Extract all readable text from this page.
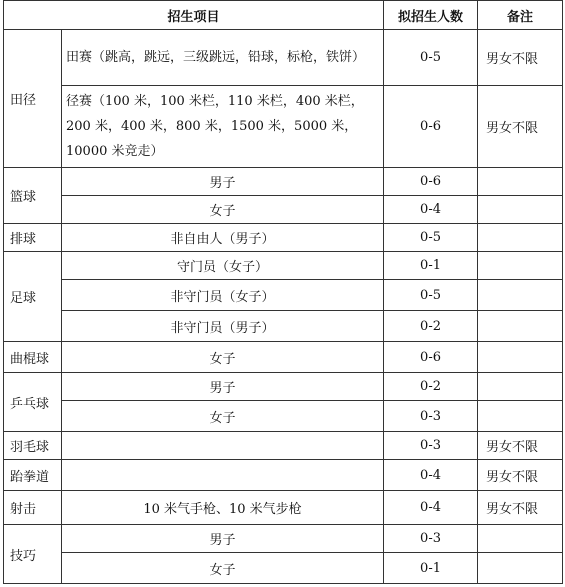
招生项目		拟招生人数	备注
田径	田赛（跳高，跳远，三级跳远，铅球，标枪，铁饼）	0-5	男女不限
	径赛（100 米，100 米栏，110 米栏，400 米栏，200 米，400 米，800 米，1500 米，5000 米，10000 米竞走）	0-6	男女不限
篮球	男子	0-6	
	女子	0-4	
排球	非自由人（男子）	0-5	
足球	守门员（女子）	0-1	
	非守门员（女子）	0-5	
	非守门员（男子）	0-2	
曲棍球	女子	0-6	
乒乓球	男子	0-2	
	女子	0-3	
羽毛球		0-3	男女不限
跆拳道		0-4	男女不限
射击	10 米气手枪、10 米气步枪	0-4	男女不限
技巧	男子	0-3	
	女子	0-1	
